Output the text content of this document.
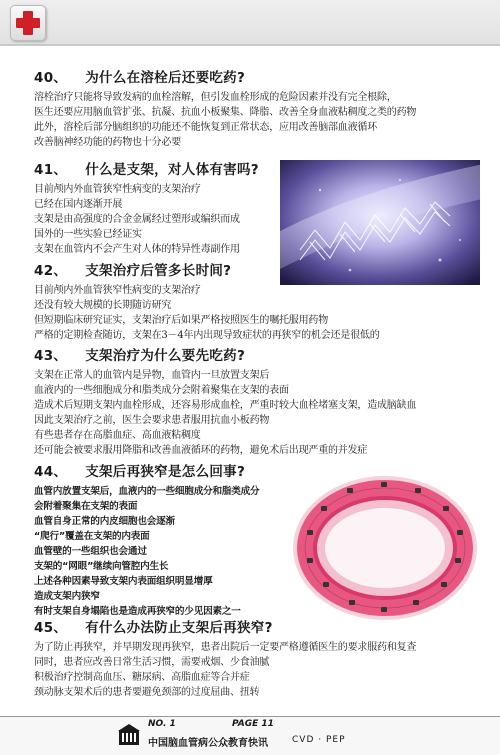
40、 为什么在溶栓后还要吃药?
溶栓治疗只能将导致发病的血栓溶解，但引发血栓形成的危险因素并没有完全根除，
医生还要应用脑血管扩张、抗凝、抗血小板聚集、降脂、改善全身血液粘稠度之类的药物
此外，溶栓后部分脑组织的功能还不能恢复到正常状态，应用改善脑部血液循环
改善脑神经功能的药物也十分必要
41、 什么是支架，对人体有害吗?
目前颅内外血管狭窄性病变的支架治疗
已经在国内逐渐开展
支架是由高强度的合金金属经过塑形或编织而成
国外的一些实验已经证实
支架在血管内不会产生对人体的特异性毒副作用
42、 支架治疗后管多长时间?
目前颅内外血管狭窄性病变的支架治疗
还没有较大规模的长期随访研究
但短期临床研究证实，支架治疗后如果严格按照医生的嘱托服用药物
严格的定期检查随访，支架在3－4年内出现导致症状的再狭窄的机会还是很低的
43、 支架治疗为什么要先吃药?
支架在正常人的血管内是异物，血管内一旦放置支架后
血液内的一些细胞成分和脂类成分会附着聚集在支架的表面
造成术后短期支架内血栓形成，还容易形成血栓，严重时较大血栓堵塞支架，造成脑缺血
因此支架治疗之前，医生会要求患者服用抗血小板药物
有些患者存在高脂血症、高血液粘稠度
还可能会被要求服用降脂和改善血液循环的药物，避免术后出现严重的并发症
44、 支架后再狭窄是怎么回事?
血管内放置支架后，血液内的一些细胞成分和脂类成分
会附着聚集在支架的表面
血管自身正常的内皮细胞也会逐渐
“爬行”覆盖在支架的内表面
血管壁的一些组织也会通过
支架的“网眼”继续向管腔内生长
上述各种因素导致支架内表面组织明显增厚
造成支架内狭窄
有时支架自身塌陷也是造成再狭窄的少见因素之一
45、 有什么办法防止支架后再狭窄?
为了防止再狭窄，并早期发现再狭窄，患者出院后一定要严格遵循医生的要求服药和复查
同时，患者应改善日常生活习惯，需要戒烟、少食油腻
积极治疗控制高血压、糖尿病、高脂血症等合并症
颈动脉支架术后的患者要避免颈部的过度屈曲、扭转
NO. 1	PAGE 11
中国脑血管病公众教育快讯	CVD · PEP
